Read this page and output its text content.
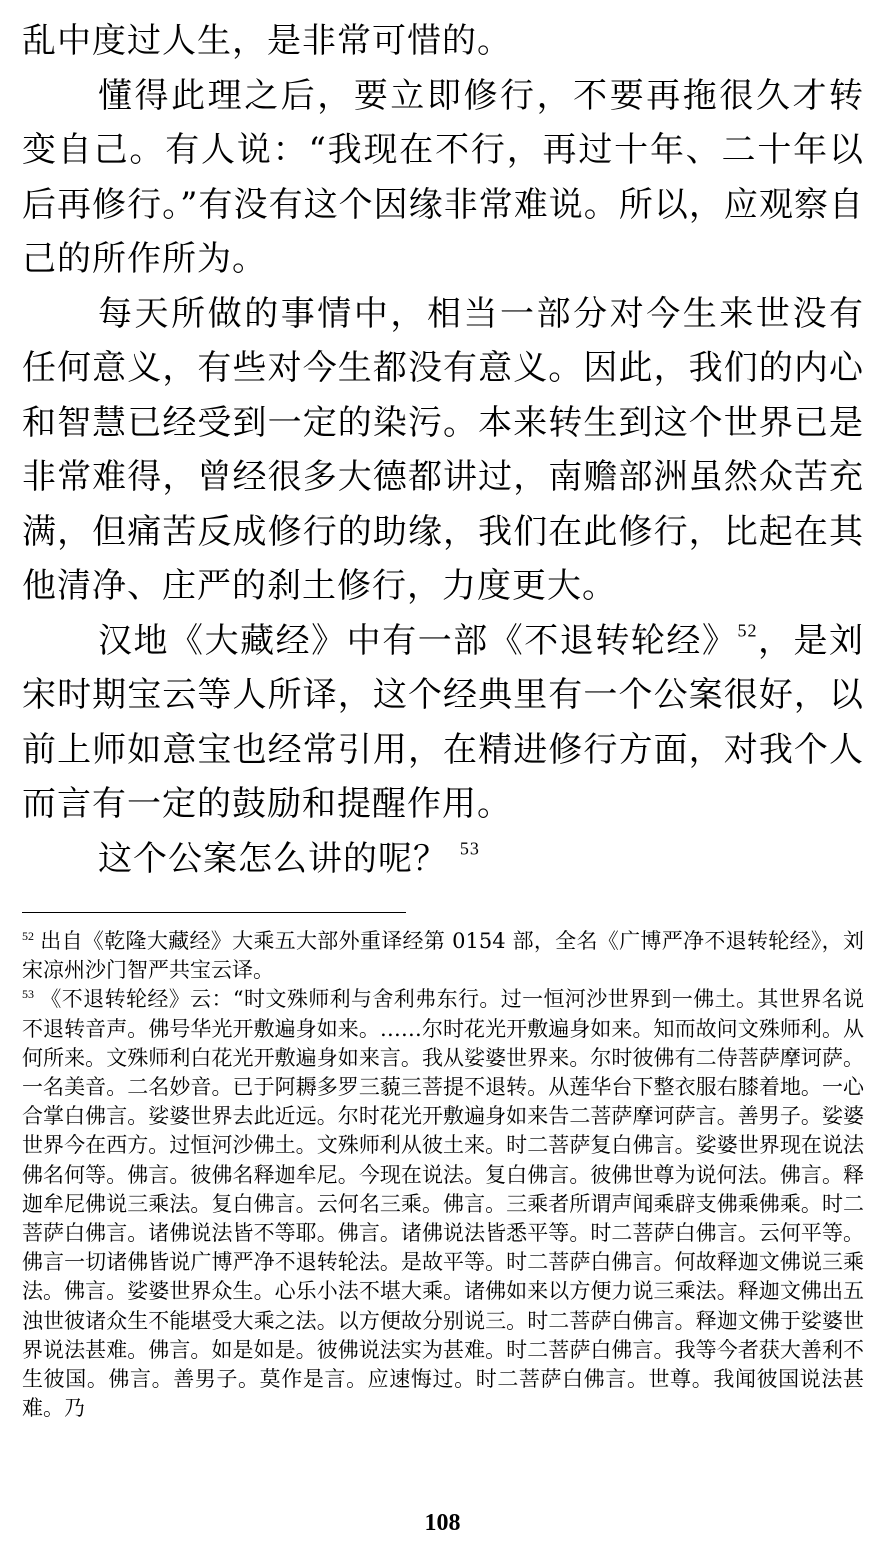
乱中度过人生，是非常可惜的。

懂得此理之后，要立即修行，不要再拖很久才转变自己。有人说：“我现在不行，再过十年、二十年以后再修行。”有没有这个因缘非常难说。所以，应观察自己的所作所为。

每天所做的事情中，相当一部分对今生来世没有任何意义，有些对今生都没有意义。因此，我们的内心和智慧已经受到一定的染污。本来转生到这个世界已是非常难得，曾经很多大德都讲过，南赡部洲虽然众苦充满，但痛苦反成修行的助缘，我们在此修行，比起在其他清净、庄严的刹土修行，力度更大。

汉地《大藏经》中有一部《不退转轮经》$^{52}$，是刘宋时期宝云等人所译，这个经典里有一个公案很好，以前上师如意宝也经常引用，在精进修行方面，对我个人而言有一定的鼓励和提醒作用。

这个公案怎么讲的呢？ $^{53}$

$^{52}$ 出自《乾隆大藏经》大乘五大部外重译经第 0154 部，全名《广博严净不退转轮经》，刘宋凉州沙门智严共宝云译。

$^{53}$ 《不退转轮经》云：“时文殊师利与舍利弗东行。过一恒河沙世界到一佛土。其世界名说不退转音声。佛号华光开敷遍身如来。……尔时花光开敷遍身如来。知而故问文殊师利。从何所来。文殊师利白花光开敷遍身如来言。我从娑婆世界来。尔时彼佛有二侍菩萨摩诃萨。一名美音。二名妙音。已于阿耨多罗三藐三菩提不退转。从莲华台下整衣服右膝着地。一心合掌白佛言。娑婆世界去此近远。尔时花光开敷遍身如来告二菩萨摩诃萨言。善男子。娑婆世界今在西方。过恒河沙佛土。文殊师利从彼土来。时二菩萨复白佛言。娑婆世界现在说法佛名何等。佛言。彼佛名释迦牟尼。今现在说法。复白佛言。彼佛世尊为说何法。佛言。释迦牟尼佛说三乘法。复白佛言。云何名三乘。佛言。三乘者所谓声闻乘辟支佛乘佛乘。时二菩萨白佛言。诸佛说法皆不等耶。佛言。诸佛说法皆悉平等。时二菩萨白佛言。云何平等。佛言一切诸佛皆说广博严净不退转轮法。是故平等。时二菩萨白佛言。何故释迦文佛说三乘法。佛言。娑婆世界众生。心乐小法不堪大乘。诸佛如来以方便力说三乘法。释迦文佛出五浊世彼诸众生不能堪受大乘之法。以方便故分别说三。时二菩萨白佛言。释迦文佛于娑婆世界说法甚难。佛言。如是如是。彼佛说法实为甚难。时二菩萨白佛言。我等今者获大善利不生彼国。佛言。善男子。莫作是言。应速悔过。时二菩萨白佛言。世尊。我闻彼国说法甚难。乃

108
